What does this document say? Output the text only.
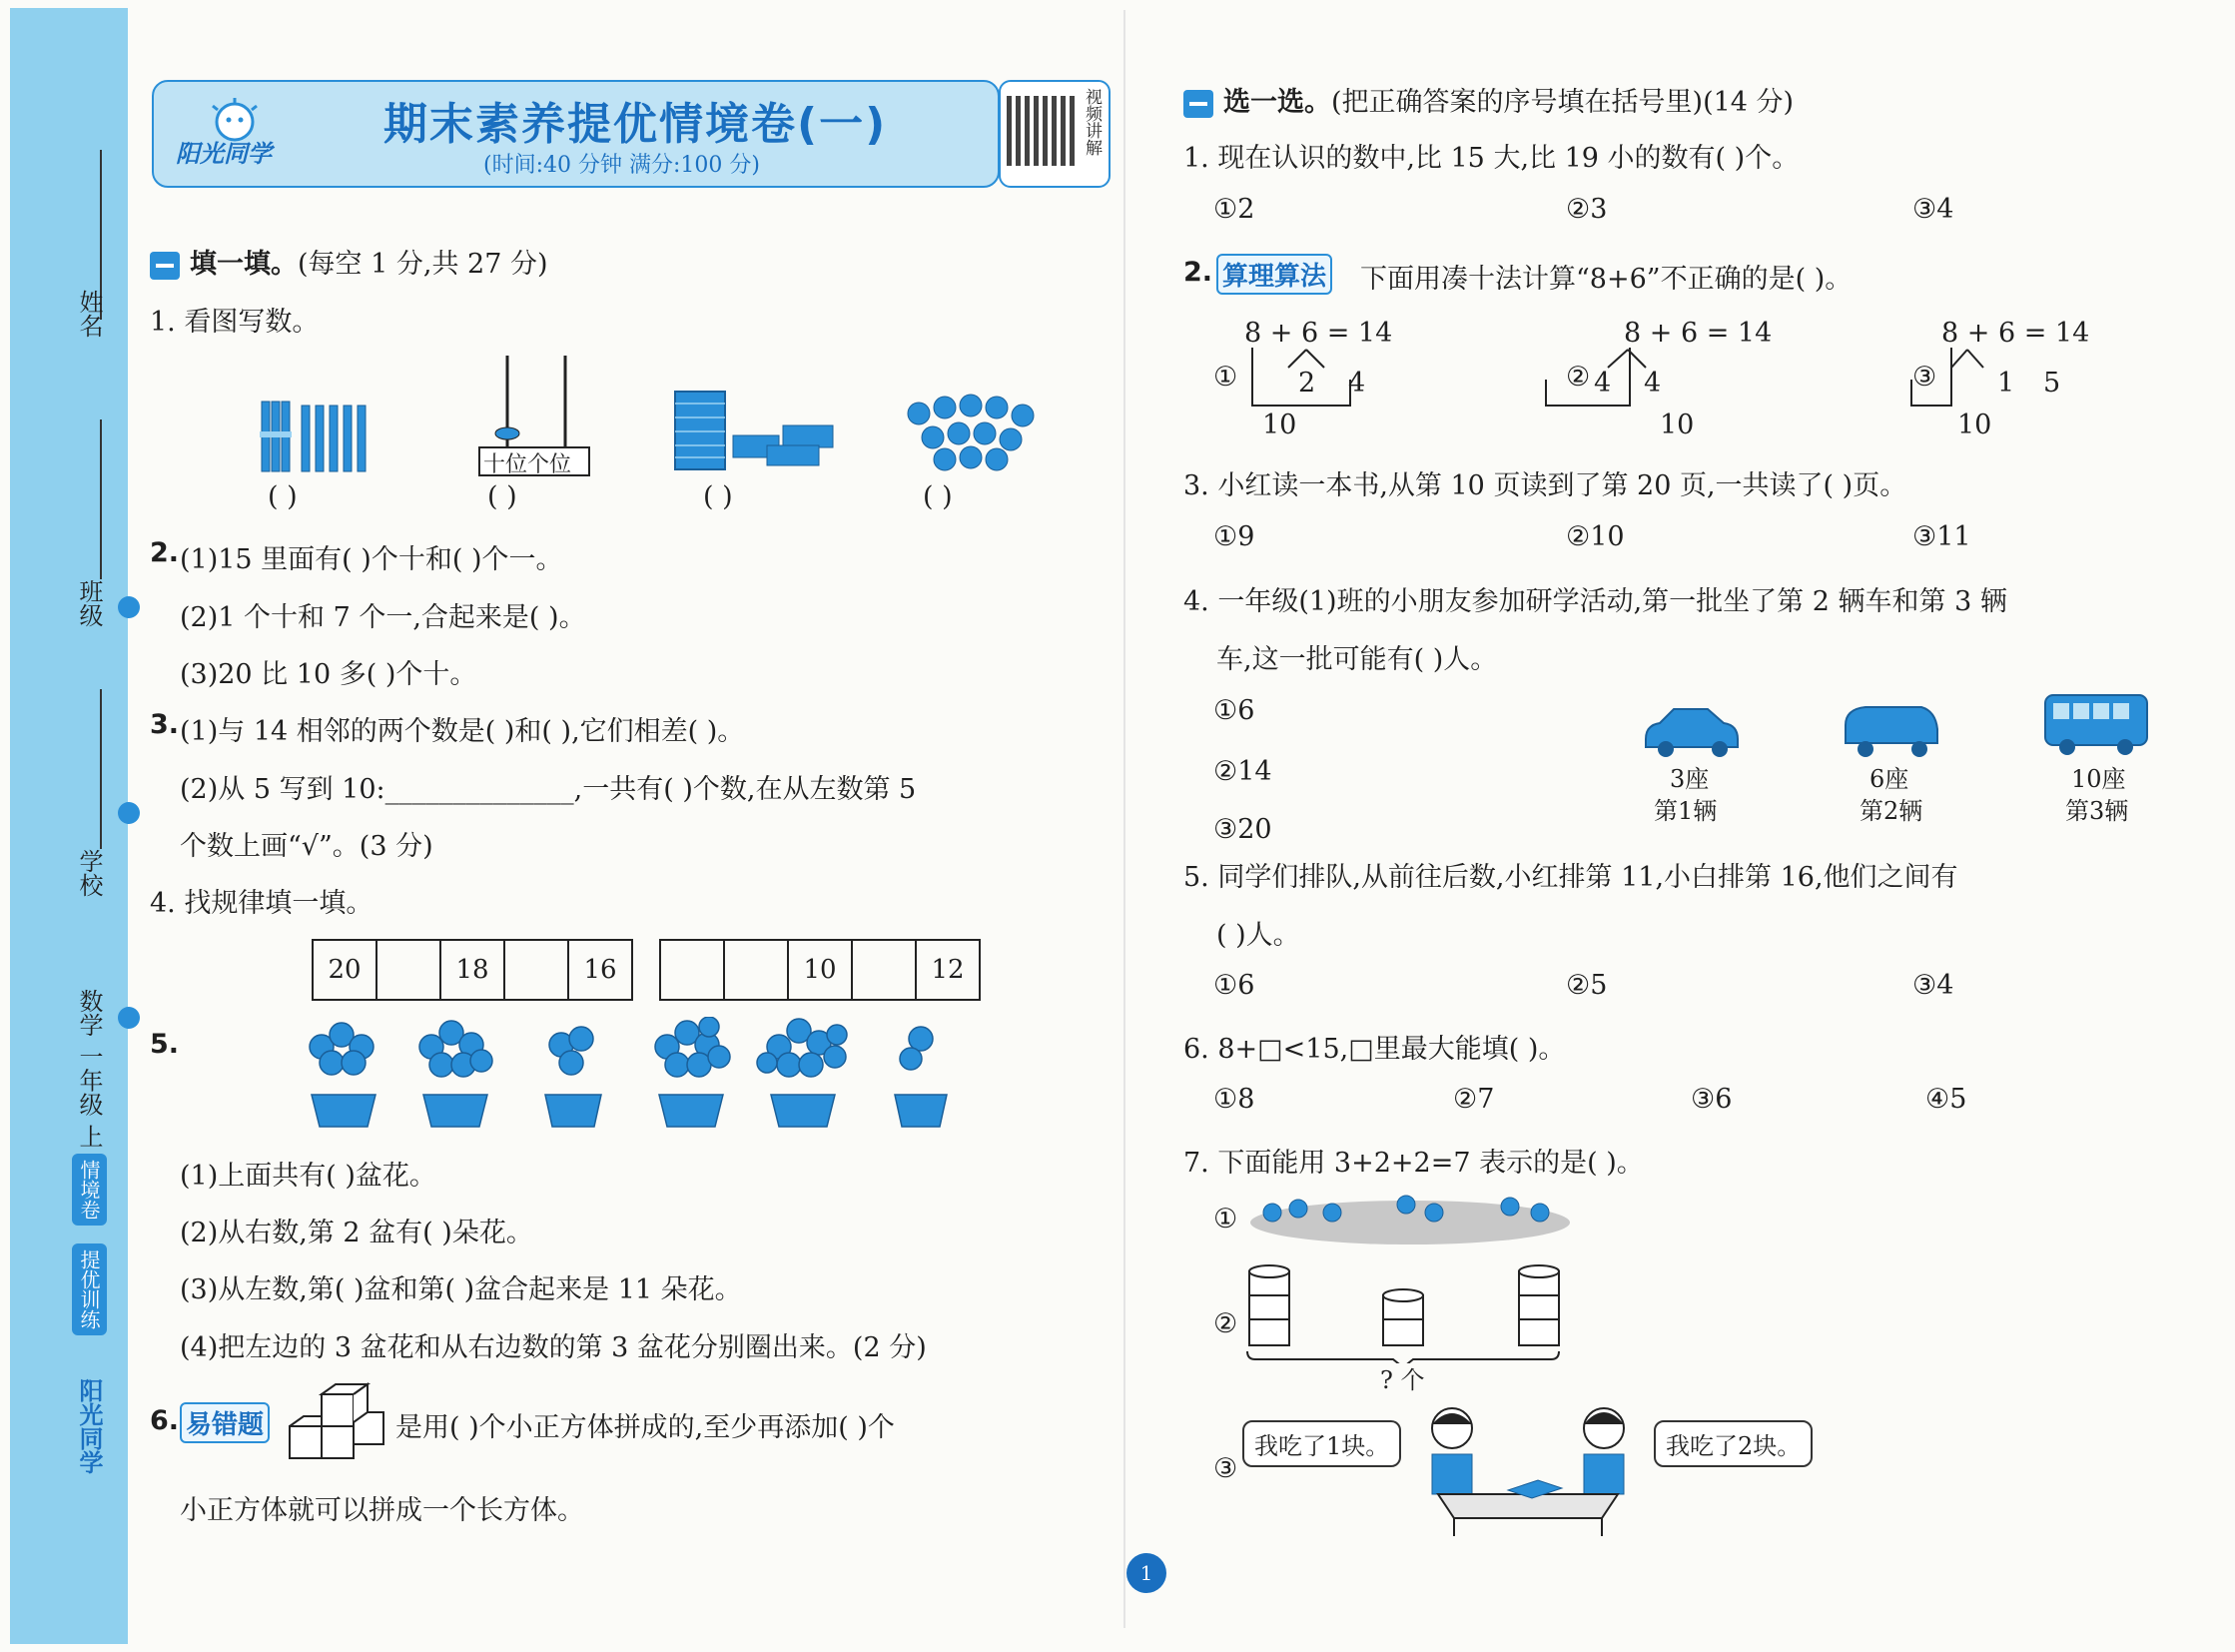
姓名
班级
学校
数学 一年级 上
情境卷
提优训练
阳光同学
期末素养提优情境卷(一)
(时间:40 分钟 满分:100 分)
阳光同学	视频讲解
填一填。(每空 1 分,共 27 分)
1. 看图写数。
十位个位
( )	( )	( )	( )
2. (1)15 里面有( )个十和( )个一。
(2)1 个十和 7 个一,合起来是( )。
(3)20 比 10 多( )个十。
3. (1)与 14 相邻的两个数是( )和( ),它们相差( )。
(2)从 5 写到 10:______________,一共有( )个数,在从左数第 5
个数上画“√”。(3 分)
4. 找规律填一填。
20	18	16	10	12
5.
(1)上面共有( )盆花。
(2)从右数,第 2 盆有( )朵花。
(3)从左数,第( )盆和第( )盆合起来是 11 朵花。
(4)把左边的 3 盆花和从右边数的第 3 盆花分别圈出来。(2 分)
6. 易错题	是用( )个小正方体拼成的,至少再添加( )个
小正方体就可以拼成一个长方体。
选一选。(把正确答案的序号填在括号里)(14 分)
1. 现在认识的数中,比 15 大,比 19 小的数有( )个。
①2	②3	③4
2. 算理算法 下面用凑十法计算“8+6”不正确的是( )。
8 + 6 = 14	8 + 6 = 14	8 + 6 = 14
① 2 4
10
② 4 4
10
③ 1 5
10
3. 小红读一本书,从第 10 页读到了第 20 页,一共读了( )页。
①9	②10	③11
4. 一年级(1)班的小朋友参加研学活动,第一批坐了第 2 辆车和第 3 辆
车,这一批可能有( )人。
①6
②14
③20
3座
第1辆
6座
第2辆
10座
第3辆
5. 同学们排队,从前往后数,小红排第 11,小白排第 16,他们之间有
( )人。
①6	②5	③4
6. 8+□<15,□里最大能填( )。
①8	②7	③6	④5
7. 下面能用 3+2+2=7 表示的是( )。
①
②
? 个
③
我吃了1块。	我吃了2块。
1
